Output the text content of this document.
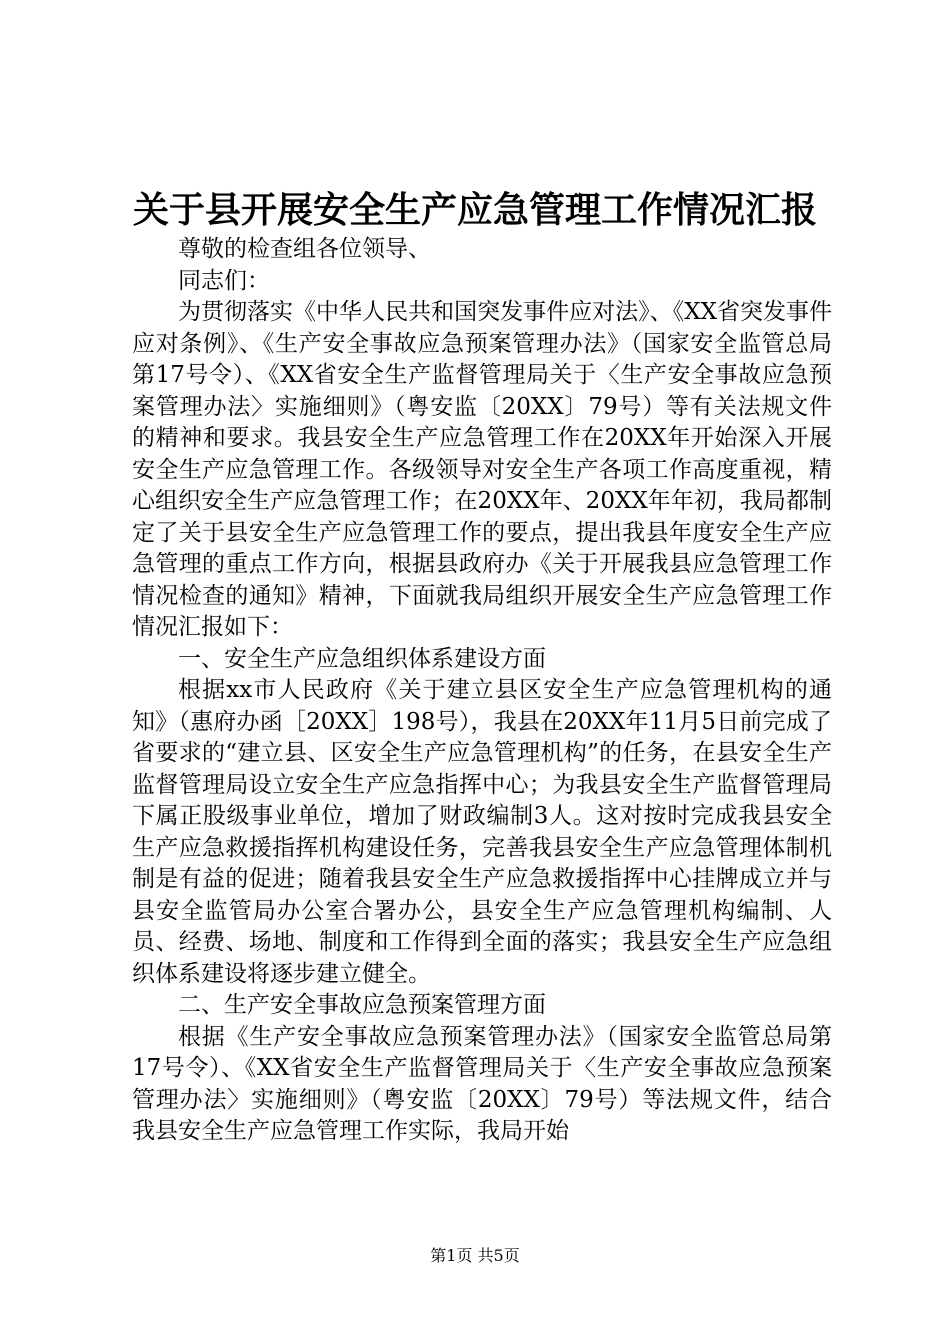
关于县开展安全生产应急管理工作情况汇报

尊敬的检查组各位领导、

同志们：

为贯彻落实《中华人民共和国突发事件应对法》、《XX省突发事件应对条例》、《生产安全事故应急预案管理办法》（国家安全监管总局第17号令）、《XX省安全生产监督管理局关于〈生产安全事故应急预案管理办法〉实施细则》（粤安监〔20XX〕79号）等有关法规文件的精神和要求。我县安全生产应急管理工作在20XX年开始深入开展安全生产应急管理工作。各级领导对安全生产各项工作高度重视，精心组织安全生产应急管理工作；在20XX年、20XX年年初，我局都制定了关于县安全生产应急管理工作的要点，提出我县年度安全生产应急管理的重点工作方向，根据县政府办《关于开展我县应急管理工作情况检查的通知》精神，下面就我局组织开展安全生产应急管理工作情况汇报如下：

一、安全生产应急组织体系建设方面

根据xx市人民政府《关于建立县区安全生产应急管理机构的通知》（惠府办函［20XX］198号），我县在20XX年11月5日前完成了省要求的“建立县、区安全生产应急管理机构”的任务，在县安全生产监督管理局设立安全生产应急指挥中心；为我县安全生产监督管理局下属正股级事业单位，增加了财政编制3人。这对按时完成我县安全生产应急救援指挥机构建设任务，完善我县安全生产应急管理体制机制是有益的促进；随着我县安全生产应急救援指挥中心挂牌成立并与县安全监管局办公室合署办公，县安全生产应急管理机构编制、人员、经费、场地、制度和工作得到全面的落实；我县安全生产应急组织体系建设将逐步建立健全。

二、生产安全事故应急预案管理方面

根据《生产安全事故应急预案管理办法》（国家安全监管总局第17号令）、《XX省安全生产监督管理局关于〈生产安全事故应急预案管理办法〉实施细则》（粤安监〔20XX〕79号）等法规文件，结合我县安全生产应急管理工作实际，我局开始

第1页 共5页
